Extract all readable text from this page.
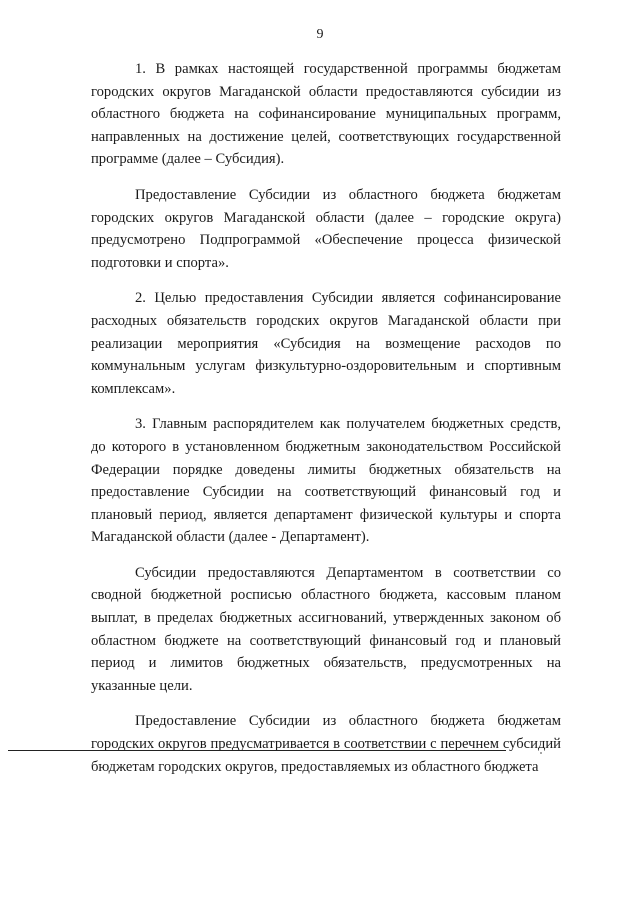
9

1. В рамках настоящей государственной программы бюджетам городских округов Магаданской области предоставляются субсидии из областного бюджета на софинансирование муниципальных программ, направленных на достижение целей, соответствующих государственной программе (далее – Субсидия).

Предоставление Субсидии из областного бюджета бюджетам городских округов Магаданской области (далее – городские округа) предусмотрено Подпрограммой «Обеспечение процесса физической подготовки и спорта».

2. Целью предоставления Субсидии является софинансирование расходных обязательств городских округов Магаданской области при реализации мероприятия «Субсидия на возмещение расходов по коммунальным услугам физкультурно-оздоровительным и спортивным комплексам».

3. Главным распорядителем как получателем бюджетных средств, до которого в установленном бюджетным законодательством Российской Федерации порядке доведены лимиты бюджетных обязательств на предоставление Субсидии на соответствующий финансовый год и плановый период, является департамент физической культуры и спорта Магаданской области (далее - Департамент).

Субсидии предоставляются Департаментом в соответствии со сводной бюджетной росписью областного бюджета, кассовым планом выплат, в пределах бюджетных ассигнований, утвержденных законом об областном бюджете на соответствующий финансовый год и плановый период и лимитов бюджетных обязательств, предусмотренных на указанные цели.

Предоставление Субсидии из областного бюджета бюджетам городских округов предусматривается в соответствии с перечнем субсидий бюджетам городских округов, предоставляемых из областного бюджета
